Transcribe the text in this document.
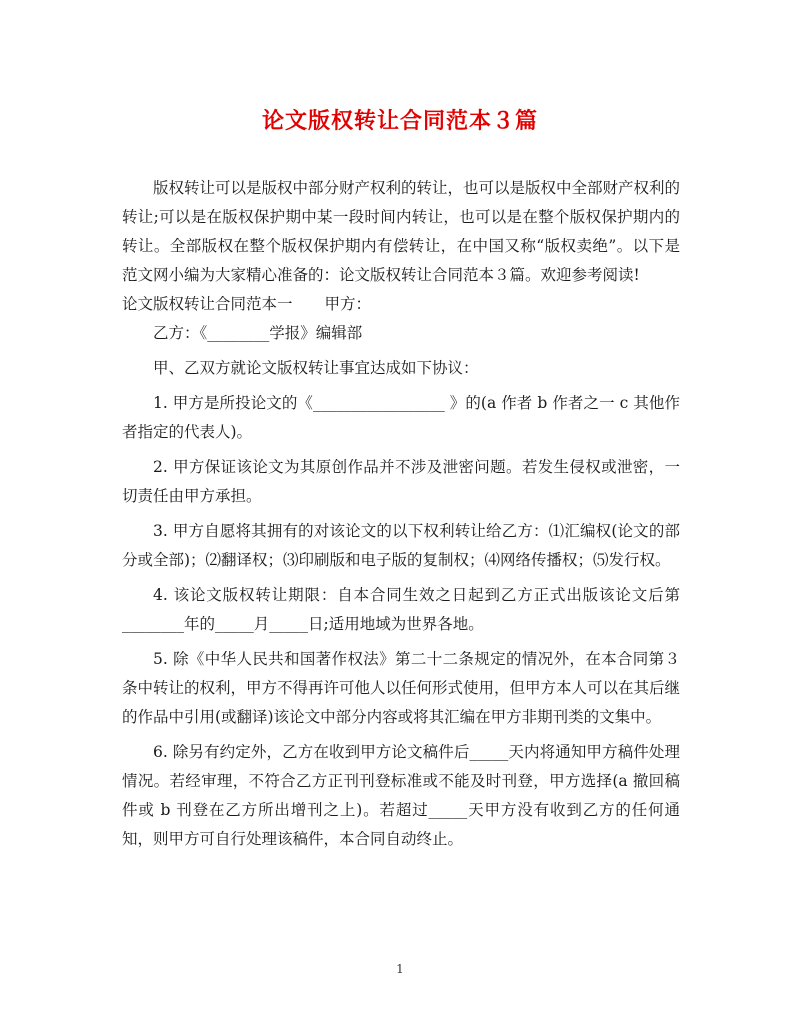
论文版权转让合同范本３篇

版权转让可以是版权中部分财产权利的转让，也可以是版权中全部财产权利的转让;可以是在版权保护期中某一段时间内转让，也可以是在整个版权保护期内的转让。全部版权在整个版权保护期内有偿转让，在中国又称“版权卖绝”。以下是范文网小编为大家精心准备的：论文版权转让合同范本３篇。欢迎参考阅读!

论文版权转让合同范本一 甲方：

乙方：《________学报》编辑部

甲、乙双方就论文版权转让事宜达成如下协议：

1. 甲方是所投论文的《_________________ 》的(a 作者 b 作者之一 c 其他作者指定的代表人)。

2. 甲方保证该论文为其原创作品并不涉及泄密问题。若发生侵权或泄密，一切责任由甲方承担。

3. 甲方自愿将其拥有的对该论文的以下权利转让给乙方：⑴汇编权(论文的部分或全部)；⑵翻译权；⑶印刷版和电子版的复制权；⑷网络传播权；⑸发行权。

4. 该论文版权转让期限：自本合同生效之日起到乙方正式出版该论文后第________年的_____月_____日;适用地域为世界各地。

5. 除《中华人民共和国著作权法》第二十二条规定的情况外，在本合同第３条中转让的权利，甲方不得再许可他人以任何形式使用，但甲方本人可以在其后继的作品中引用(或翻译)该论文中部分内容或将其汇编在甲方非期刊类的文集中。

6. 除另有约定外，乙方在收到甲方论文稿件后_____天内将通知甲方稿件处理情况。若经审理，不符合乙方正刊刊登标准或不能及时刊登，甲方选择(a 撤回稿件或 b 刊登在乙方所出增刊之上)。若超过_____天甲方没有收到乙方的任何通知，则甲方可自行处理该稿件，本合同自动终止。

1
